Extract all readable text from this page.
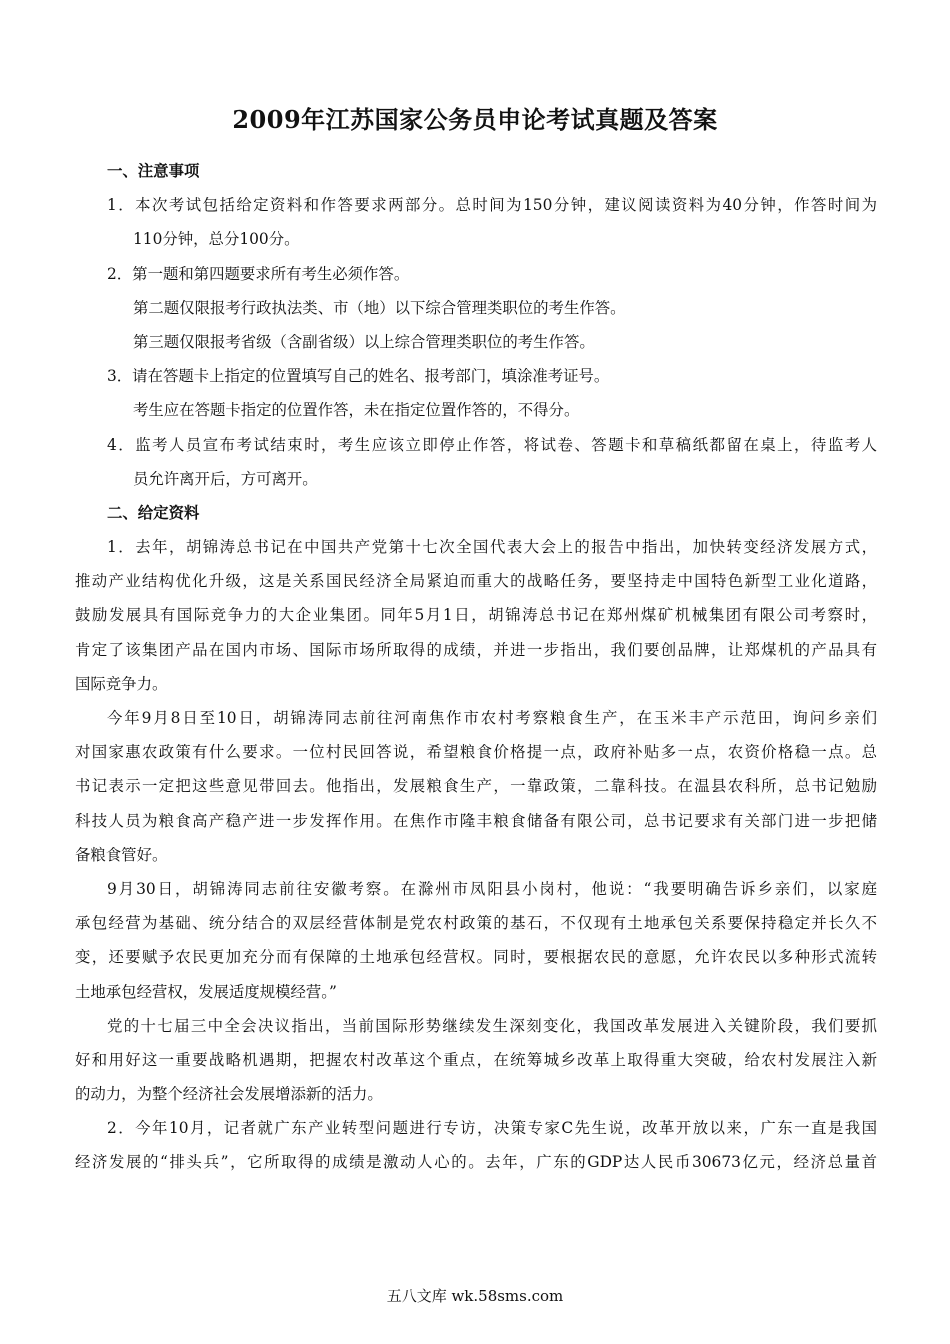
2009年江苏国家公务员申论考试真题及答案
一、注意事项
1．本次考试包括给定资料和作答要求两部分。总时间为150分钟，建议阅读资料为40分钟，作答时间为
110分钟，总分100分。
2．第一题和第四题要求所有考生必须作答。
第二题仅限报考行政执法类、市（地）以下综合管理类职位的考生作答。
第三题仅限报考省级（含副省级）以上综合管理类职位的考生作答。
3．请在答题卡上指定的位置填写自己的姓名、报考部门，填涂准考证号。
考生应在答题卡指定的位置作答，未在指定位置作答的，不得分。
4．监考人员宣布考试结束时，考生应该立即停止作答，将试卷、答题卡和草稿纸都留在桌上，待监考人
员允许离开后，方可离开。
二、给定资料
1．去年，胡锦涛总书记在中国共产党第十七次全国代表大会上的报告中指出，加快转变经济发展方式，
推动产业结构优化升级，这是关系国民经济全局紧迫而重大的战略任务，要坚持走中国特色新型工业化道路，
鼓励发展具有国际竞争力的大企业集团。同年5月1日，胡锦涛总书记在郑州煤矿机械集团有限公司考察时，
肯定了该集团产品在国内市场、国际市场所取得的成绩，并进一步指出，我们要创品牌，让郑煤机的产品具有
国际竞争力。
今年9月8日至10日，胡锦涛同志前往河南焦作市农村考察粮食生产，在玉米丰产示范田，询问乡亲们
对国家惠农政策有什么要求。一位村民回答说，希望粮食价格提一点，政府补贴多一点，农资价格稳一点。总
书记表示一定把这些意见带回去。他指出，发展粮食生产，一靠政策，二靠科技。在温县农科所，总书记勉励
科技人员为粮食高产稳产进一步发挥作用。在焦作市隆丰粮食储备有限公司，总书记要求有关部门进一步把储
备粮食管好。
9月30日，胡锦涛同志前往安徽考察。在滁州市凤阳县小岗村，他说：“我要明确告诉乡亲们，以家庭
承包经营为基础、统分结合的双层经营体制是党农村政策的基石，不仅现有土地承包关系要保持稳定并长久不
变，还要赋予农民更加充分而有保障的土地承包经营权。同时，要根据农民的意愿，允许农民以多种形式流转
土地承包经营权，发展适度规模经营。”
党的十七届三中全会决议指出，当前国际形势继续发生深刻变化，我国改革发展进入关键阶段，我们要抓
好和用好这一重要战略机遇期，把握农村改革这个重点，在统筹城乡改革上取得重大突破，给农村发展注入新
的动力，为整个经济社会发展增添新的活力。
2．今年10月，记者就广东产业转型问题进行专访，决策专家C先生说，改革开放以来，广东一直是我国
经济发展的“排头兵”，它所取得的成绩是激动人心的。去年，广东的GDP达人民币30673亿元，经济总量首
五八文库 wk.58sms.com
